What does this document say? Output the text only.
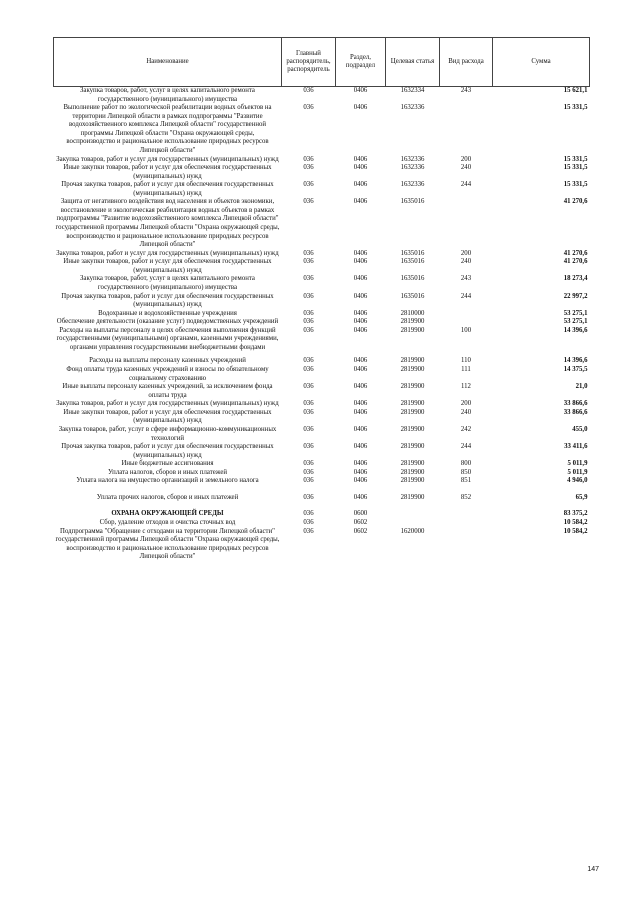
Наименование	Главный распорядитель, распорядитель	Раздел, подраздел	Целевая статья	Вид расхода	Сумма
Закупка товаров, работ, услуг в целях капитального ремонта государственного (муниципального) имущества	036	0406	1632334	243	15 621,1
Выполнение работ по экологической реабилитации водных объектов на территории Липецкой области в рамках подпрограммы "Развитие водохозяйственного комплекса Липецкой области" государственной программы Липецкой области "Охрана окружающей среды, воспроизводство и рациональное использование природных ресурсов Липецкой области"	036	0406	1632336		15 331,5
Закупка товаров, работ и услуг для государственных (муниципальных) нужд	036	0406	1632336	200	15 331,5
Иные закупки товаров, работ и услуг для обеспечения государственных (муниципальных) нужд	036	0406	1632336	240	15 331,5
Прочая закупка товаров, работ и услуг для обеспечения государственных (муниципальных) нужд	036	0406	1632336	244	15 331,5
Защита от негативного воздействия вод населения и объектов экономики, восстановление и экологическая реабилитация водных объектов в рамках подпрограммы "Развитие водохозяйственного комплекса Липецкой области" государственной программы Липецкой области "Охрана окружающей среды, воспроизводство и рациональное использование природных ресурсов Липецкой области"	036	0406	1635016		41 270,6
Закупка товаров, работ и услуг для государственных (муниципальных) нужд	036	0406	1635016	200	41 270,6
Иные закупки товаров, работ и услуг для обеспечения государственных (муниципальных) нужд	036	0406	1635016	240	41 270,6
Закупка товаров, работ, услуг в целях капитального ремонта государственного (муниципального) имущества	036	0406	1635016	243	18 273,4
Прочая закупка товаров, работ и услуг для обеспечения государственных (муниципальных) нужд	036	0406	1635016	244	22 997,2
Водохранные и водохозяйственные учреждения	036	0406	2810000		53 275,1
Обеспечение деятельности (оказание услуг) подведомственных учреждений	036	0406	2819900		53 275,1
Расходы на выплаты персоналу в целях обеспечения выполнения функций государственными (муниципальными) органами, казенными учреждениями, органами управления государственными внебюджетными фондами	036	0406	2819900	100	14 396,6
Расходы на выплаты персоналу казенных учреждений	036	0406	2819900	110	14 396,6
Фонд оплаты труда казенных учреждений и взносы по обязательному социальному страхованию	036	0406	2819900	111	14 375,5
Иные выплаты персоналу казенных учреждений, за исключением фонда оплаты труда	036	0406	2819900	112	21,0
Закупка товаров, работ и услуг для государственных (муниципальных) нужд	036	0406	2819900	200	33 866,6
Иные закупки товаров, работ и услуг для обеспечения государственных (муниципальных) нужд	036	0406	2819900	240	33 866,6
Закупка товаров, работ, услуг в сфере информационно-коммуникационных технологий	036	0406	2819900	242	455,0
Прочая закупка товаров, работ и услуг для обеспечения государственных (муниципальных) нужд	036	0406	2819900	244	33 411,6
Иные бюджетные ассигнования	036	0406	2819900	800	5 011,9
Уплата налогов, сборов и иных платежей	036	0406	2819900	850	5 011,9
Уплата налога на имущество организаций и земельного налога	036	0406	2819900	851	4 946,0
Уплата прочих налогов, сборов и иных платежей	036	0406	2819900	852	65,9
ОХРАНА ОКРУЖАЮЩЕЙ СРЕДЫ	036	0600			83 375,2
Сбор, удаление отходов и очистка сточных вод	036	0602			10 584,2
Подпрограмма "Обращение с отходами на территории Липецкой области" государственной программы Липецкой области "Охрана окружающей среды, воспроизводство и рациональное использование природных ресурсов Липецкой области"	036	0602	1620000		10 584,2
147
